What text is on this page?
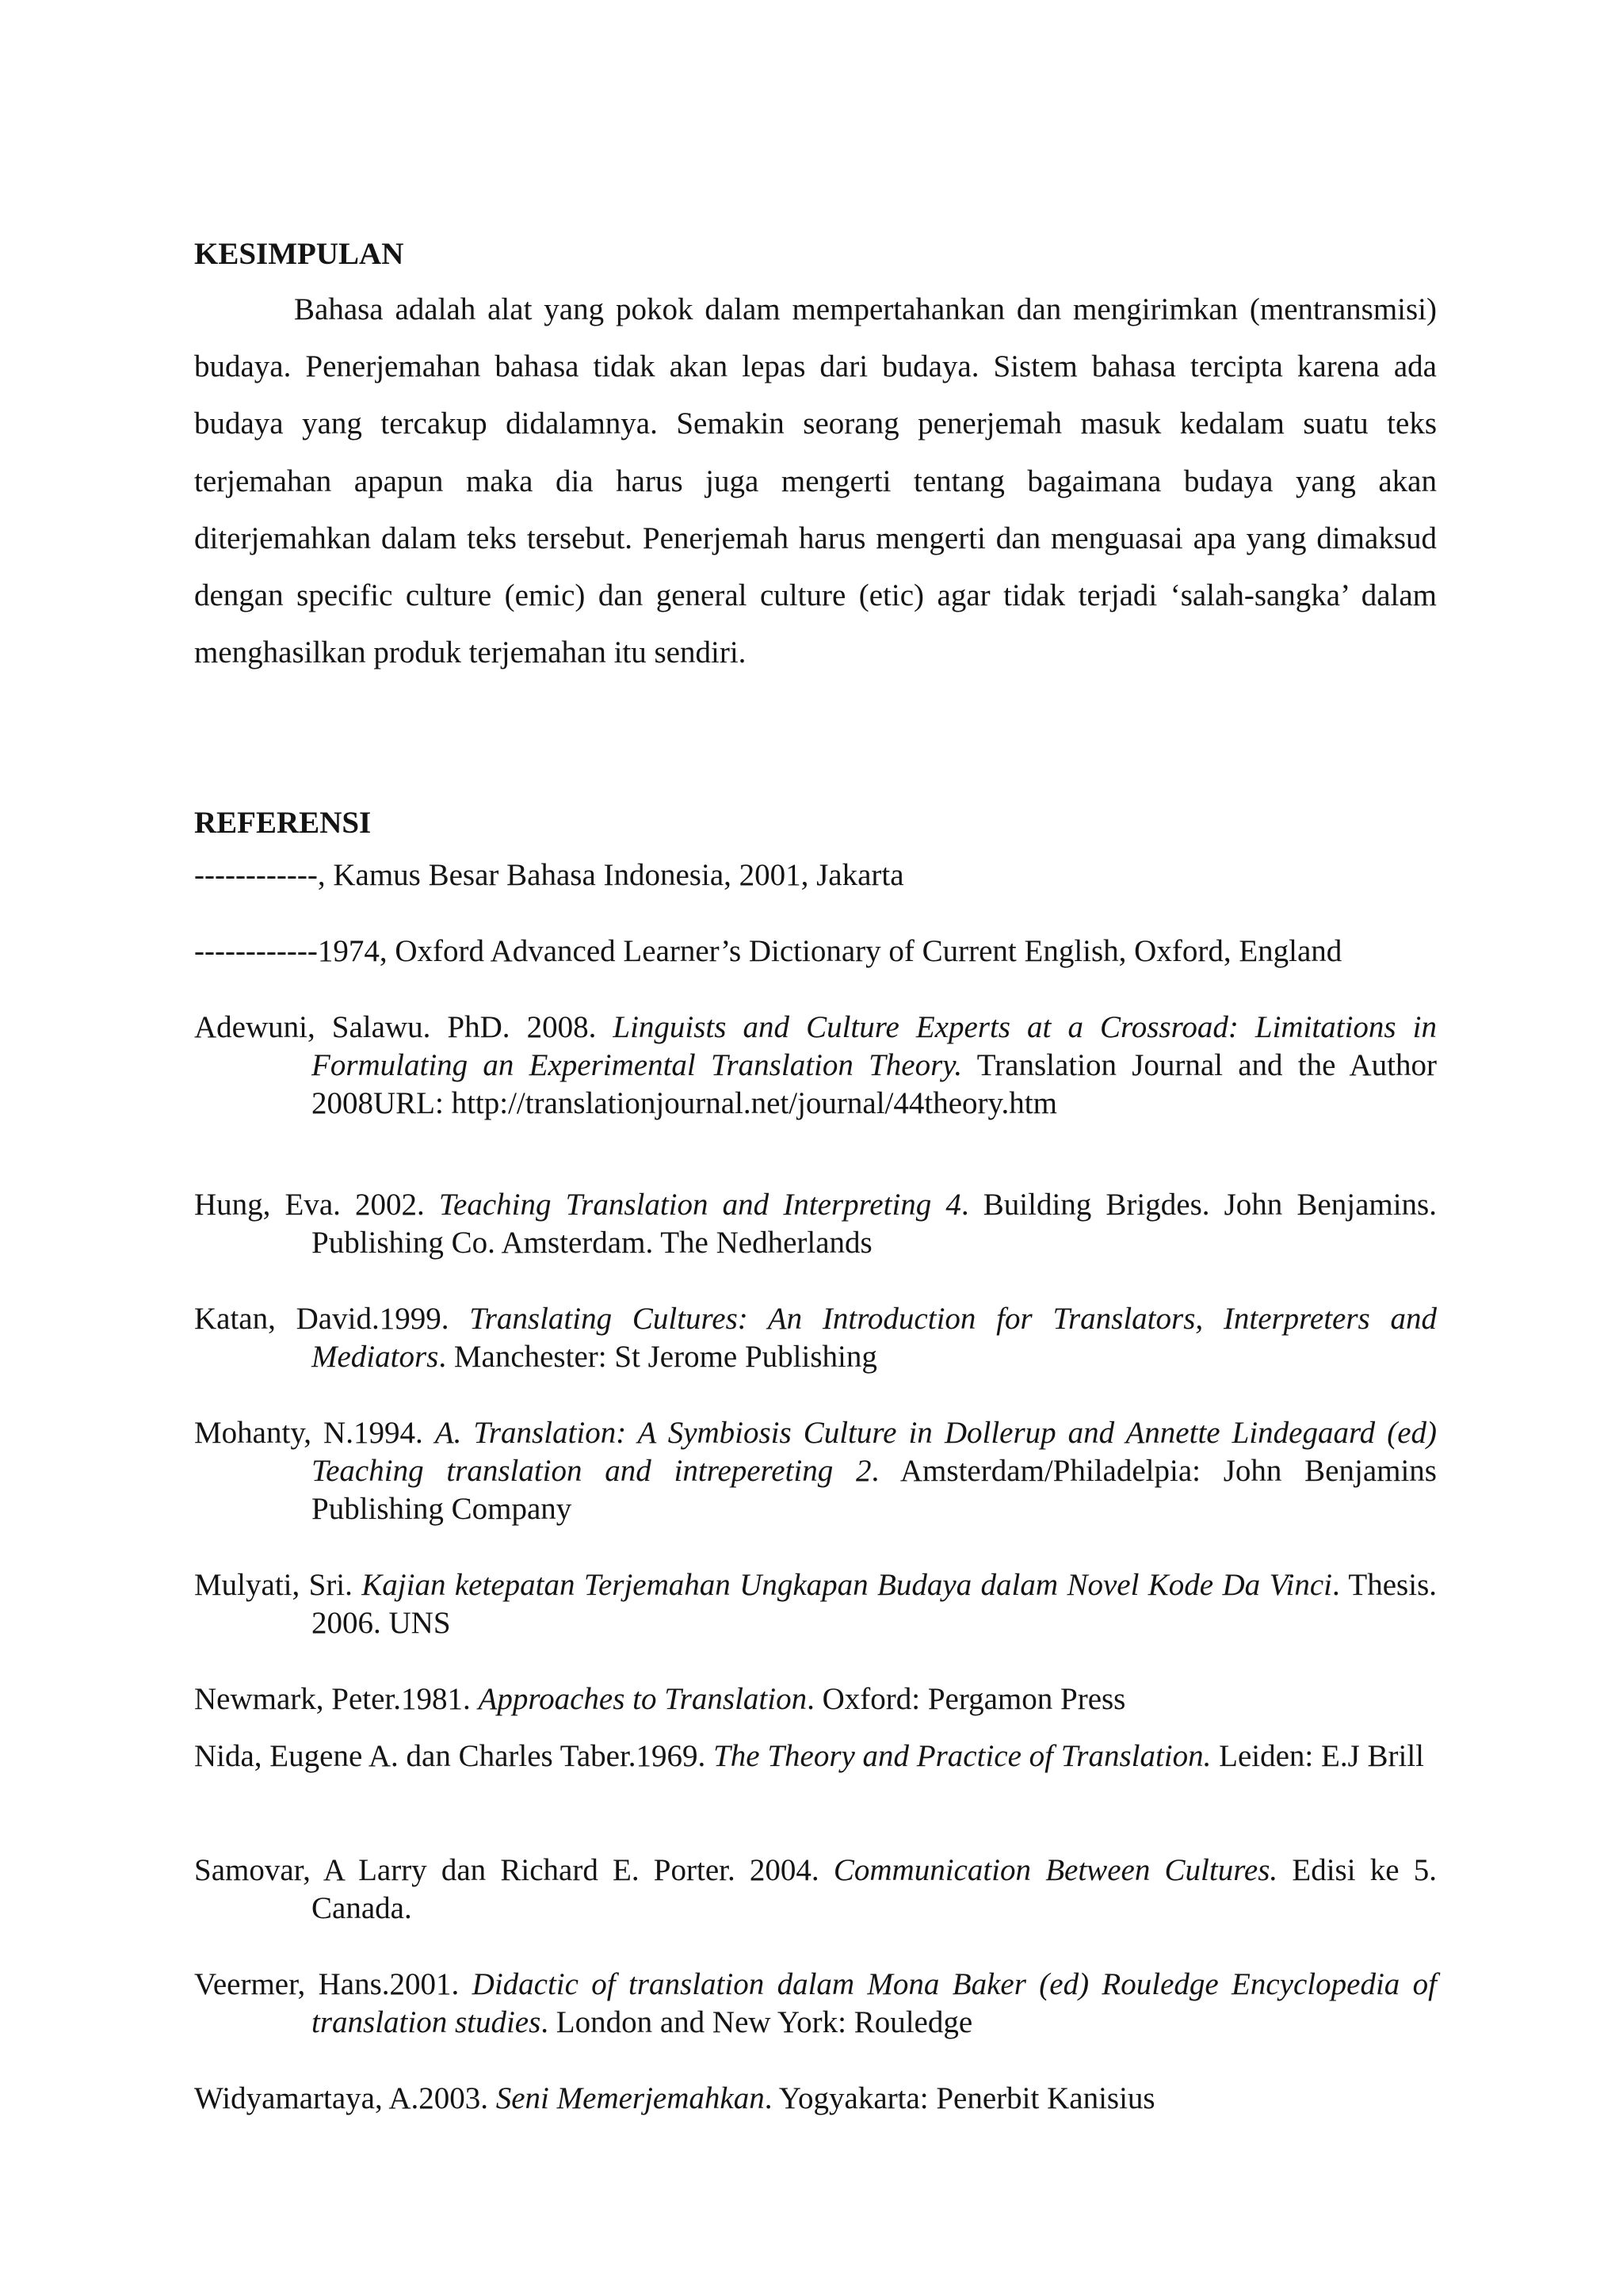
KESIMPULAN

Bahasa adalah alat yang pokok dalam mempertahankan dan mengirimkan (mentransmisi) budaya. Penerjemahan bahasa tidak akan lepas dari budaya. Sistem bahasa tercipta karena ada budaya yang tercakup didalamnya. Semakin seorang penerjemah masuk kedalam suatu teks terjemahan apapun maka dia harus juga mengerti tentang bagaimana budaya yang akan diterjemahkan dalam teks tersebut. Penerjemah harus mengerti dan menguasai apa yang dimaksud dengan specific culture (emic) dan general culture (etic) agar tidak terjadi ‘salah-sangka’ dalam menghasilkan produk terjemahan itu sendiri.

REFERENSI

------------, Kamus Besar Bahasa Indonesia, 2001, Jakarta

------------1974, Oxford Advanced Learner’s Dictionary of Current English, Oxford, England

Adewuni, Salawu. PhD. 2008. Linguists and Culture Experts at a Crossroad: Limitations in Formulating an Experimental Translation Theory. Translation Journal and the Author 2008URL: http://translationjournal.net/journal/44theory.htm

Hung, Eva. 2002. Teaching Translation and Interpreting 4. Building Brigdes. John Benjamins. Publishing Co. Amsterdam. The Nedherlands

Katan, David.1999. Translating Cultures: An Introduction for Translators, Interpreters and Mediators. Manchester: St Jerome Publishing

Mohanty, N.1994. A. Translation: A Symbiosis Culture in Dollerup and Annette Lindegaard (ed) Teaching translation and intrepereting 2. Amsterdam/Philadelpia: John Benjamins Publishing Company

Mulyati, Sri. Kajian ketepatan Terjemahan Ungkapan Budaya dalam Novel Kode Da Vinci. Thesis. 2006. UNS

Newmark, Peter.1981. Approaches to Translation. Oxford: Pergamon Press

Nida, Eugene A. dan Charles Taber.1969. The Theory and Practice of Translation. Leiden: E.J Brill

Samovar, A Larry dan Richard E. Porter. 2004. Communication Between Cultures. Edisi ke 5. Canada.

Veermer, Hans.2001. Didactic of translation dalam Mona Baker (ed) Rouledge Encyclopedia of translation studies. London and New York: Rouledge

Widyamartaya, A.2003. Seni Memerjemahkan. Yogyakarta: Penerbit Kanisius
